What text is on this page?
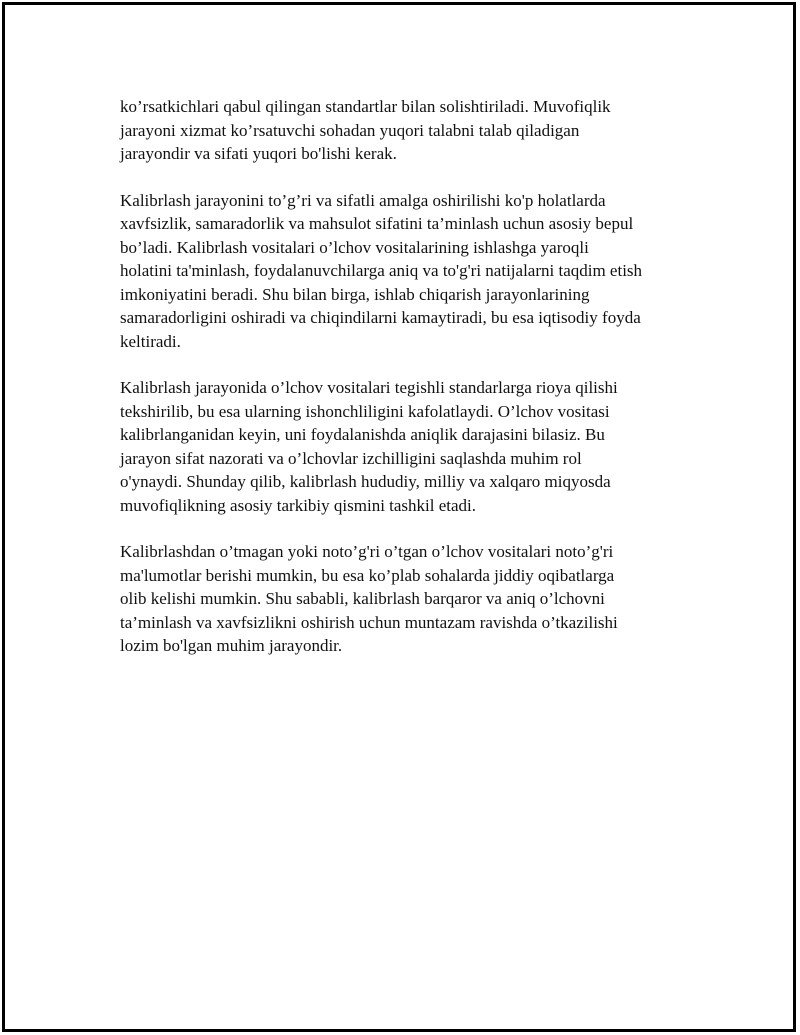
ko’rsatkichlari qabul qilingan standartlar bilan solishtiriladi. Muvofiqlik
jarayoni xizmat ko’rsatuvchi sohadan yuqori talabni talab qiladigan
jarayondir va sifati yuqori bo'lishi kerak.

Kalibrlash jarayonini to’g’ri va sifatli amalga oshirilishi ko'p holatlarda
xavfsizlik, samaradorlik va mahsulot sifatini ta’minlash uchun asosiy bepul
bo’ladi. Kalibrlash vositalari o’lchov vositalarining ishlashga yaroqli
holatini ta'minlash, foydalanuvchilarga aniq va to'g'ri natijalarni taqdim etish
imkoniyatini beradi. Shu bilan birga, ishlab chiqarish jarayonlarining
samaradorligini oshiradi va chiqindilarni kamaytiradi, bu esa iqtisodiy foyda
keltiradi.

Kalibrlash jarayonida o’lchov vositalari tegishli standarlarga rioya qilishi
tekshirilib, bu esa ularning ishonchliligini kafolatlaydi. O’lchov vositasi
kalibrlanganidan keyin, uni foydalanishda aniqlik darajasini bilasiz. Bu
jarayon sifat nazorati va o’lchovlar izchilligini saqlashda muhim rol
o'ynaydi. Shunday qilib, kalibrlash hududiy, milliy va xalqaro miqyosda
muvofiqlikning asosiy tarkibiy qismini tashkil etadi.

Kalibrlashdan o’tmagan yoki noto’g'ri o’tgan o’lchov vositalari noto’g'ri
ma'lumotlar berishi mumkin, bu esa ko’plab sohalarda jiddiy oqibatlarga
olib kelishi mumkin. Shu sababli, kalibrlash barqaror va aniq o’lchovni
ta’minlash va xavfsizlikni oshirish uchun muntazam ravishda o’tkazilishi
lozim bo'lgan muhim jarayondir.
